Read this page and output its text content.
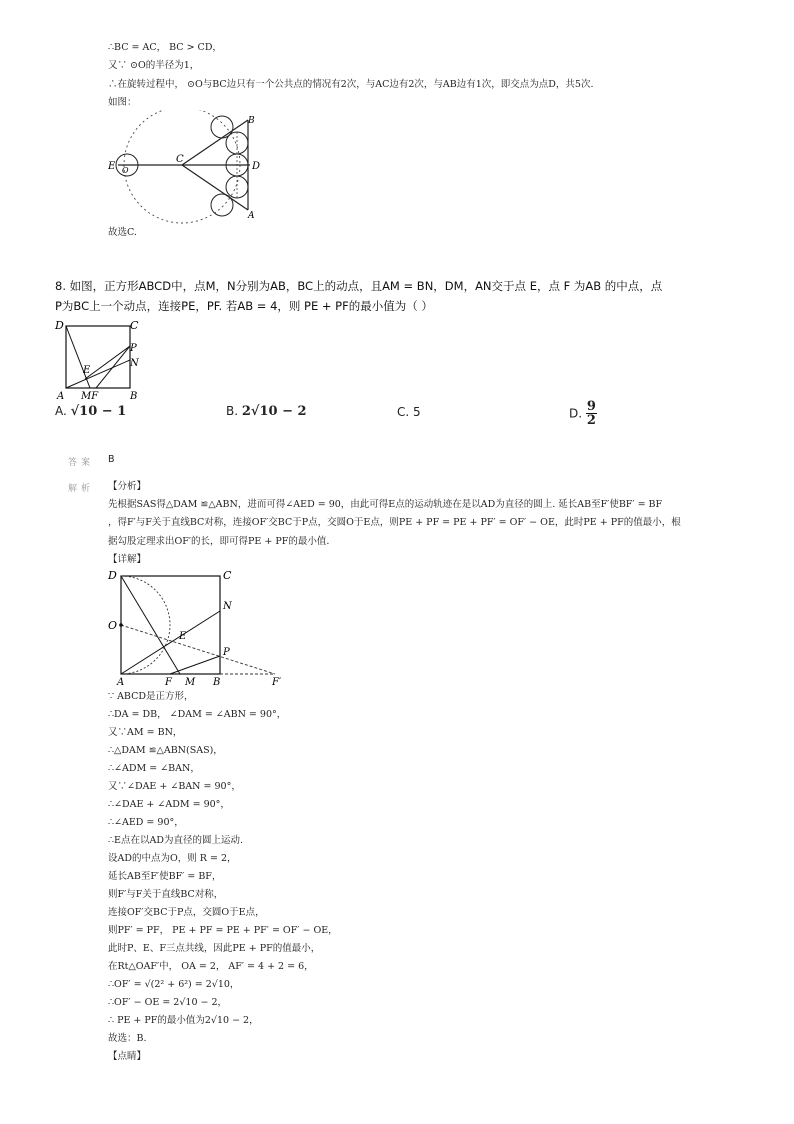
∴BC = AC， BC > CD，
又∵ ⊙O的半径为1，
∴在旋转过程中， ⊙O与BC边只有一个公共点的情况有2次，与AC边有2次，与AB边有1次，即交点为点D，共5次.
如图：
E O
C
D
B
A
故选C.
8. 如图，正方形ABCD中，点M，N分别为AB，BC上的动点，且AM = BN，DM，AN交于点 E，点 F 为AB 的中点，点
P为BC上一个动点，连接PE，PF. 若AB = 4，则 PE + PF的最小值为（ ）
D	C
P
N
E
A MF	B
A. √10 − 1	B. 2√10 − 2	C. 5	D. $\frac{9}{2}$
答案 B
解析 【分析】
先根据SAS得△DAM ≌△ABN，进而可得∠AED = 90，由此可得E点的运动轨迹在是以AD为直径的圆上. 延长AB至F′使BF′ = BF
，得F′与F关于直线BC对称，连接OF′交BC于P点，交圆O于E点，则PE + PF = PE + PF′ = OF′ − OE，此时PE + PF的值最小，根
据勾股定理求出OF′的长，即可得PE + PF的最小值.
【详解】
D	C
N
O
E
P
A	F M B	F′
∵ ABCD是正方形，
∴DA = DB， ∠DAM = ∠ABN = 90°，
又∵AM = BN，
∴△DAM ≌△ABN(SAS)，
∴∠ADM = ∠BAN，
又∵∠DAE + ∠BAN = 90°，
∴∠DAE + ∠ADM = 90°，
∴∠AED = 90°，
∴E点在以AD为直径的圆上运动.
设AD的中点为O，则 R = 2，
延长AB至F′使BF′ = BF，
则F′与F关于直线BC对称，
连接OF′交BC于P点，交圆O于E点，
则PF′ = PF， PE + PF = PE + PF′ = OF′ − OE，
此时P、E、F三点共线，因此PE + PF的值最小，
在Rt△OAF′中， OA = 2， AF′ = 4 + 2 = 6，
∴OF′ = √(2² + 6²) = 2√10，
∴OF′ − OE = 2√10 − 2，
∴ PE + PF的最小值为2√10 − 2，
故选：B.
【点睛】
